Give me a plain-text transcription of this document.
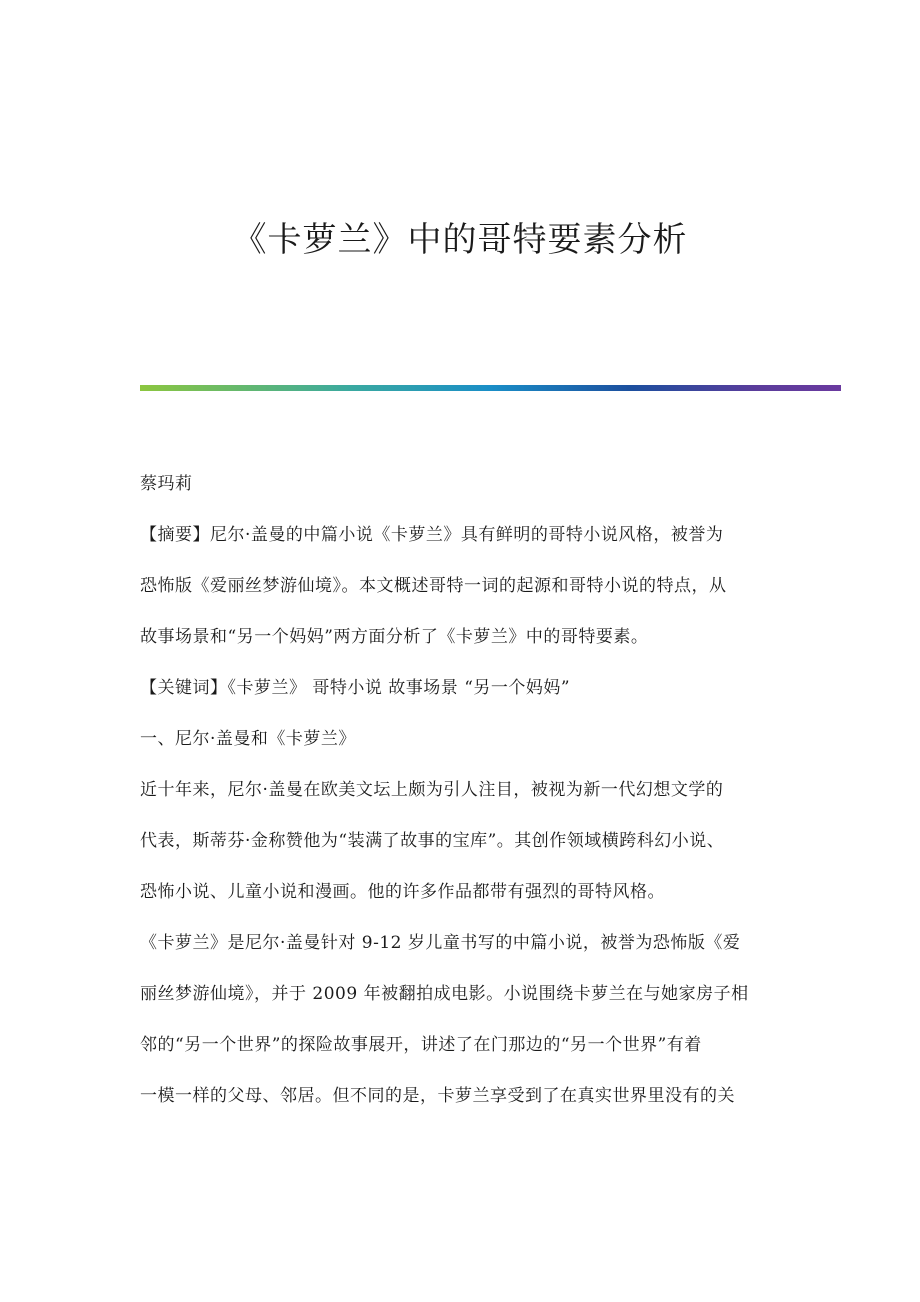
《卡萝兰》中的哥特要素分析
蔡玛莉
【摘要】尼尔·盖曼的中篇小说《卡萝兰》具有鲜明的哥特小说风格，被誉为
恐怖版《爱丽丝梦游仙境》。本文概述哥特一词的起源和哥特小说的特点，从
故事场景和“另一个妈妈”两方面分析了《卡萝兰》中的哥特要素。
【关键词】《卡萝兰》 哥特小说 故事场景 “另一个妈妈”
一、尼尔·盖曼和《卡萝兰》
近十年来，尼尔·盖曼在欧美文坛上颇为引人注目，被视为新一代幻想文学的
代表，斯蒂芬·金称赞他为“装满了故事的宝库”。其创作领域横跨科幻小说、
恐怖小说、儿童小说和漫画。他的许多作品都带有强烈的哥特风格。
《卡萝兰》是尼尔·盖曼针对 9-12 岁儿童书写的中篇小说，被誉为恐怖版《爱
丽丝梦游仙境》，并于 2009 年被翻拍成电影。小说围绕卡萝兰在与她家房子相
邻的“另一个世界”的探险故事展开，讲述了在门那边的“另一个世界”有着
一模一样的父母、邻居。但不同的是，卡萝兰享受到了在真实世界里没有的关
